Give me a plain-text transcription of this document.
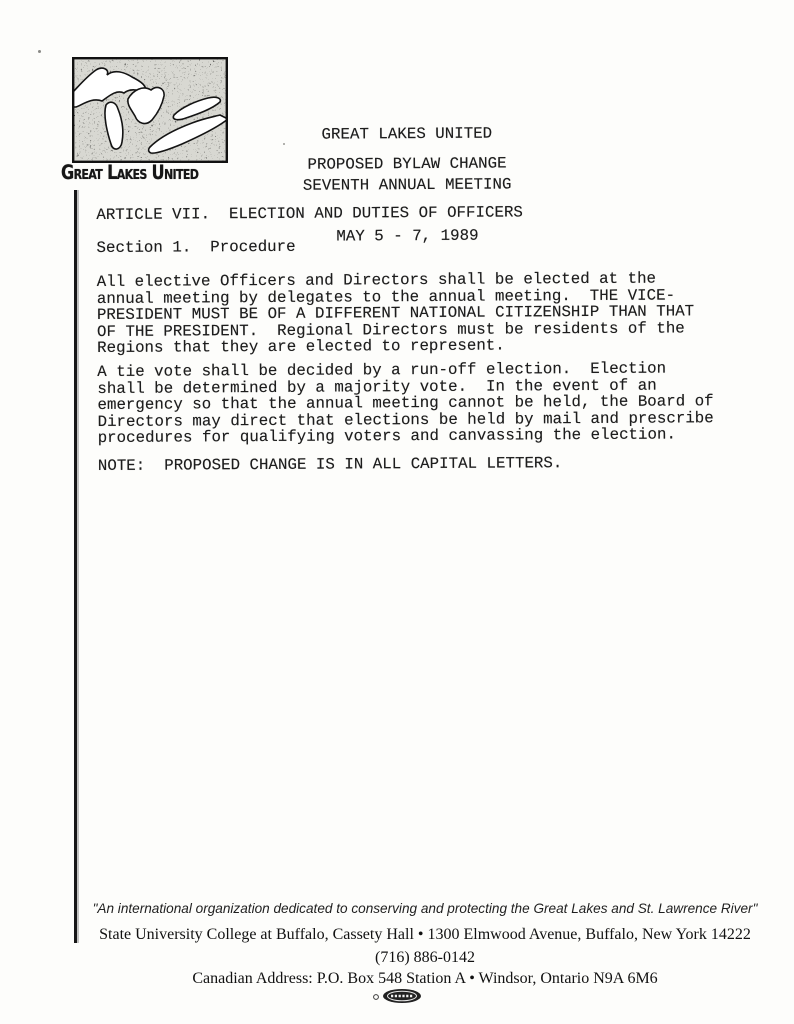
Great Lakes United

GREAT LAKES UNITED

SEVENTH ANNUAL MEETING

MAY 5 - 7, 1989

PROPOSED BYLAW CHANGE
ARTICLE VII.  ELECTION AND DUTIES OF OFFICERS
Section 1.  Procedure
All elective Officers and Directors shall be elected at the
annual meeting by delegates to the annual meeting.  THE VICE-
PRESIDENT MUST BE OF A DIFFERENT NATIONAL CITIZENSHIP THAN THAT
OF THE PRESIDENT.  Regional Directors must be residents of the
Regions that they are elected to represent.
A tie vote shall be decided by a run-off election.  Election
shall be determined by a majority vote.  In the event of an
emergency so that the annual meeting cannot be held, the Board of
Directors may direct that elections be held by mail and prescribe
procedures for qualifying voters and canvassing the election.
NOTE:  PROPOSED CHANGE IS IN ALL CAPITAL LETTERS.
"An international organization dedicated to conserving and protecting the Great Lakes and St. Lawrence River"
State University College at Buffalo, Cassety Hall • 1300 Elmwood Avenue, Buffalo, New York 14222
(716) 886-0142
Canadian Address: P.O. Box 548 Station A • Windsor, Ontario N9A 6M6
